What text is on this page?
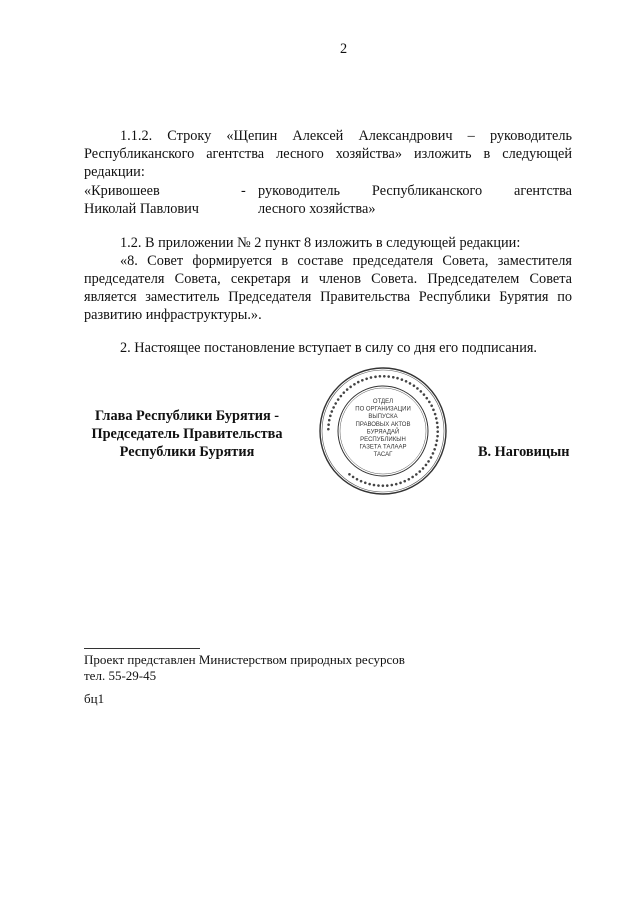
2
1.1.2. Строку «Щепин Алексей Александрович – руководитель
Республиканского агентства лесного хозяйства» изложить в следующей
редакции:
«Кривошеев
Николай Павлович
- руководитель Республиканского агентства
лесного хозяйства»
1.2. В приложении № 2 пункт 8 изложить в следующей редакции:
«8. Совет формируется в составе председателя Совета, заместителя
председателя Совета, секретаря и членов Совета. Председателем Совета
является заместитель Председателя Правительства Республики Бурятия по
развитию инфраструктуры.».
2. Настоящее постановление вступает в силу со дня его подписания.
Глава Республики Бурятия -
Председатель Правительства
Республики Бурятия	В. Наговицын
●●●●●●●●●●●●●●●●●●●●●●●●●●●●●●●●●●●●●●●●●●●●●●●●●●●●●●●●●●●●●●●●●●
ОТДЕЛ
ПО ОРГАНИЗАЦИИ
ВЫПУСКА
ПРАВОВЫХ АКТОВ
БУРЯАДАЙ
РЕСПУБЛИКЫН
ГАЗЕТА ТАЛААР
ТАСАГ
Проект представлен Министерством природных ресурсов
тел. 55-29-45
бц1
